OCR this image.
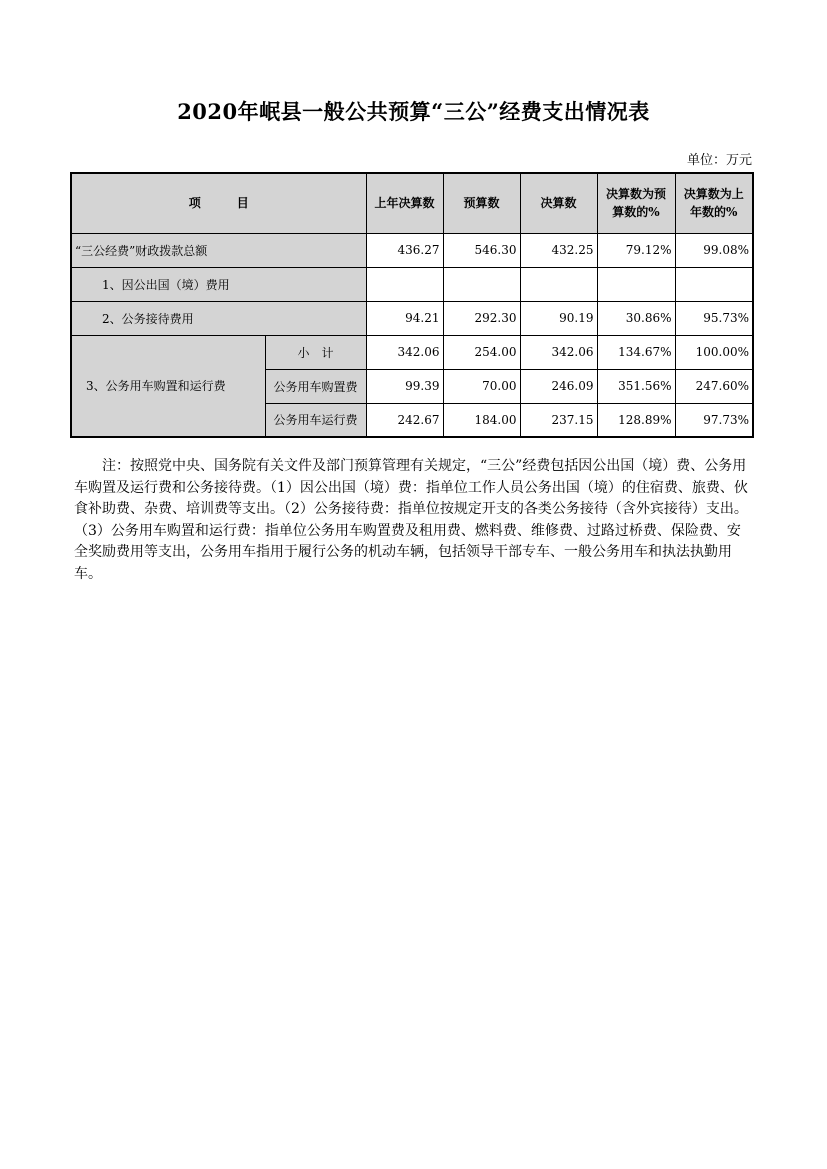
2020年岷县一般公共预算“三公”经费支出情况表
单位：万元
项　　　目		上年决算数	预算数	决算数	决算数为预算数的%	决算数为上年数的%
“三公经费”财政拨款总额		436.27	546.30	432.25	79.12%	99.08%
1、因公出国（境）费用						
2、公务接待费用		94.21	292.30	90.19	30.86%	95.73%
3、公务用车购置和运行费	小　计	342.06	254.00	342.06	134.67%	100.00%
	公务用车购置费	99.39	70.00	246.09	351.56%	247.60%
	公务用车运行费	242.67	184.00	237.15	128.89%	97.73%
注：按照党中央、国务院有关文件及部门预算管理有关规定，“三公”经费包括因公出国（境）费、公务用车购置及运行费和公务接待费。（1）因公出国（境）费：指单位工作人员公务出国（境）的住宿费、旅费、伙食补助费、杂费、培训费等支出。（2）公务接待费：指单位按规定开支的各类公务接待（含外宾接待）支出。（3）公务用车购置和运行费：指单位公务用车购置费及租用费、燃料费、维修费、过路过桥费、保险费、安全奖励费用等支出，公务用车指用于履行公务的机动车辆，包括领导干部专车、一般公务用车和执法执勤用车。
